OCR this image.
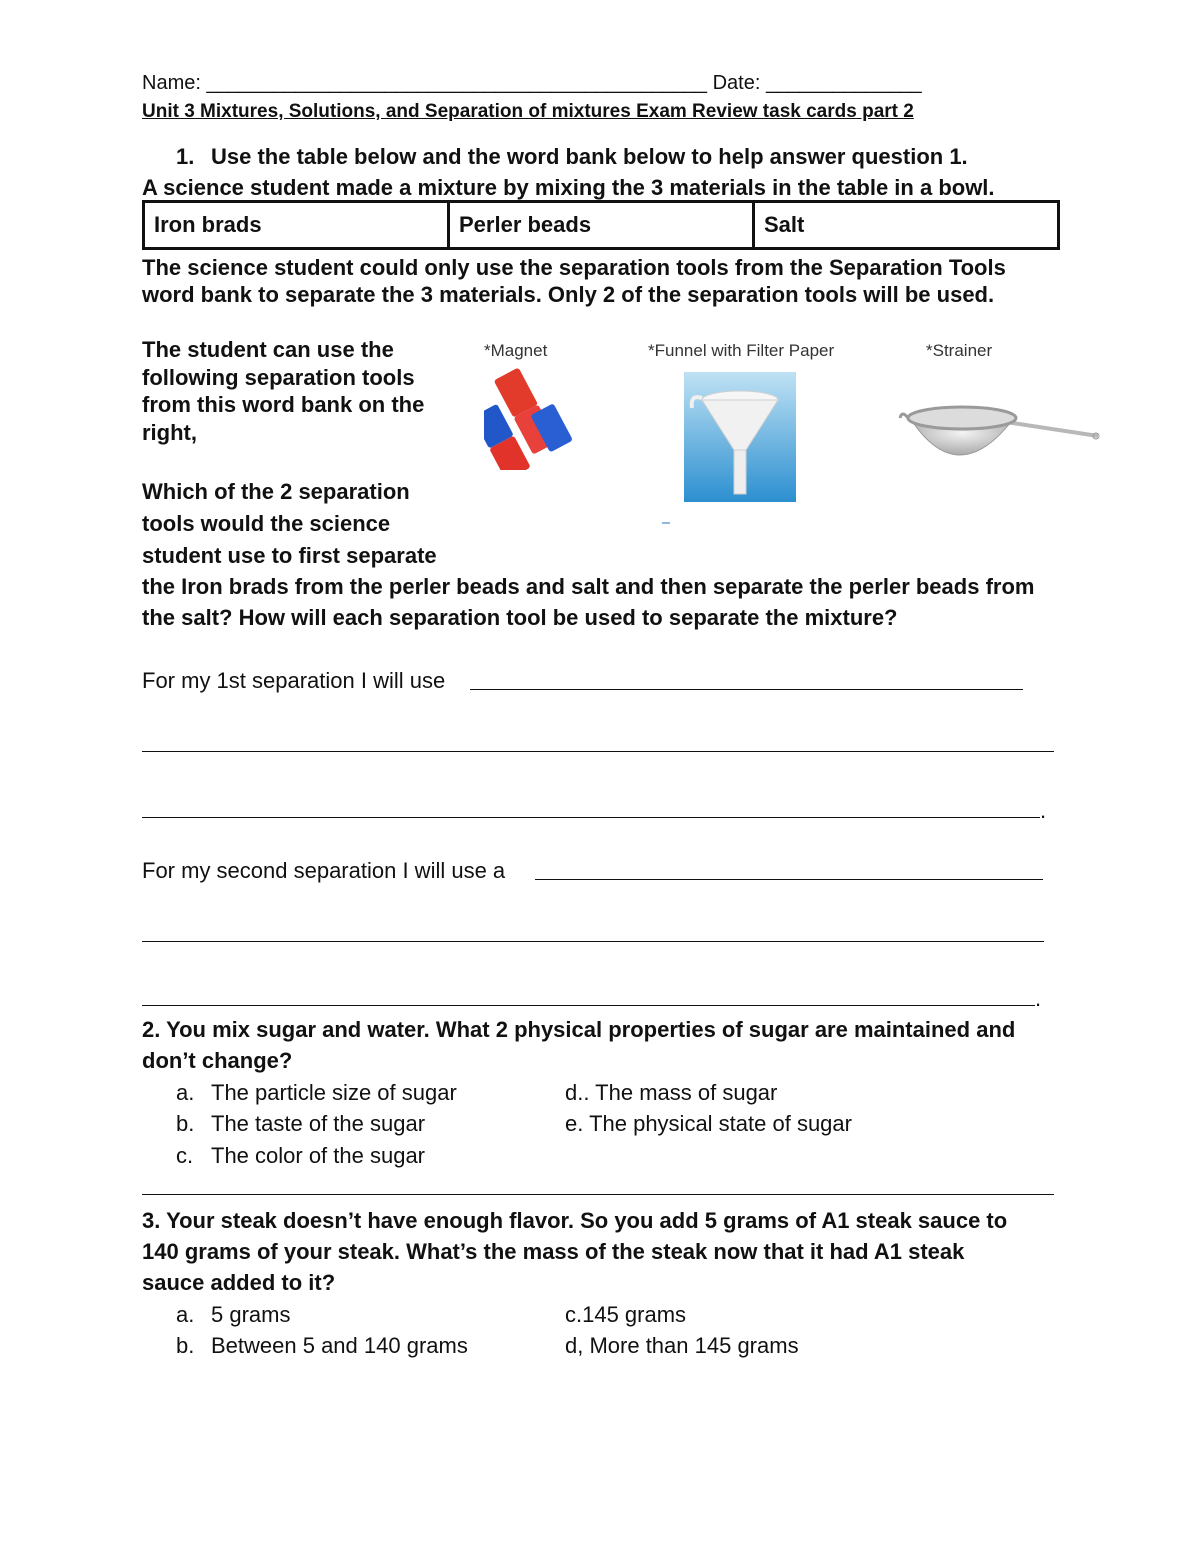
Name: _____________________________________________ Date: ______________
Unit 3 Mixtures, Solutions, and Separation of mixtures Exam Review task cards part 2
1. Use the table below and the word bank below to help answer question 1.
A science student made a mixture by mixing the 3 materials in the table in a bowl.
Iron brads	Perler beads	Salt
The science student could only use the separation tools from the Separation Tools
word bank to separate the 3 materials. Only 2 of the separation tools will be used.
The student can use the
following separation tools
from this word bank on the
right,
Which of the 2 separation
tools would the science
student use to first separate
the Iron brads from the perler beads and salt and then separate the perler beads from
the salt? How will each separation tool be used to separate the mixture?
*Magnet	*Funnel with Filter Paper	*Strainer
For my 1st separation I will use
.
For my second separation I will use a
.
2. You mix sugar and water. What 2 physical properties of sugar are maintained and
don’t change?
a. The particle size of sugar
b. The taste of the sugar
c. The color of the sugar
d.. The mass of sugar
e. The physical state of sugar
3. Your steak doesn’t have enough flavor. So you add 5 grams of A1 steak sauce to
140 grams of your steak. What’s the mass of the steak now that it had A1 steak
sauce added to it?
a. 5 grams
b. Between 5 and 140 grams
c.145 grams
d, More than 145 grams
